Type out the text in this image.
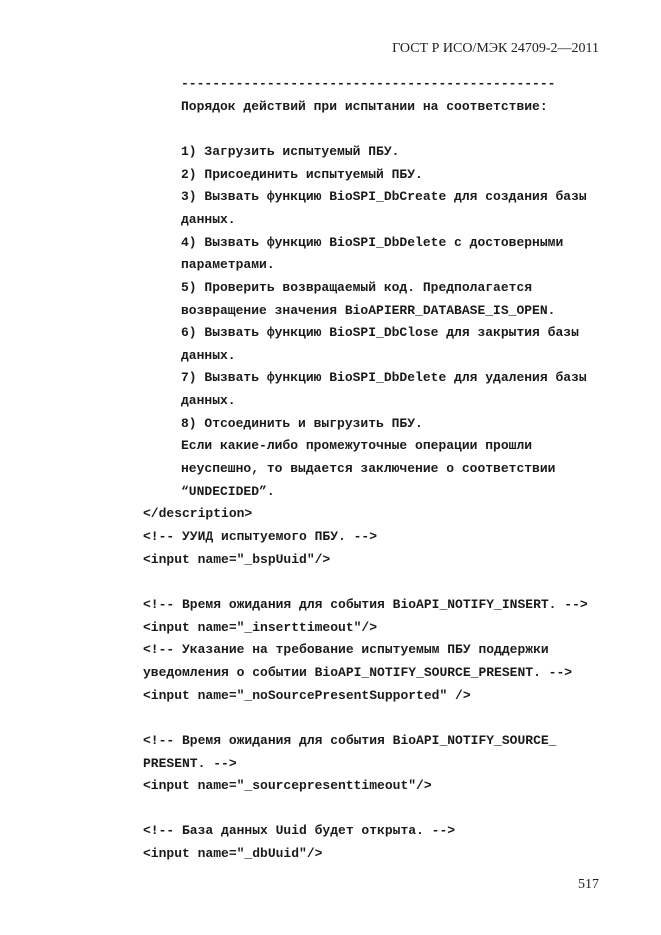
ГОСТ Р ИСО/МЭК 24709-2—2011
------------------------------------------------
Порядок действий при испытании на соответствие:
1) Загрузить испытуемый ПБУ.
2) Присоединить испытуемый ПБУ.
3) Вызвать функцию BioSPI_DbCreate для создания базы
данных.
4) Вызвать функцию BioSPI_DbDelete с достоверными
параметрами.
5) Проверить возвращаемый код. Предполагается
возвращение значения BioAPIERR_DATABASE_IS_OPEN.
6) Вызвать функцию BioSPI_DbClose для закрытия базы
данных.
7) Вызвать функцию BioSPI_DbDelete для удаления базы
данных.
8) Отсоединить и выгрузить ПБУ.
Если какие-либо промежуточные операции прошли
неуспешно, то выдается заключение о соответствии
“UNDECIDED”.
</description>
<!-- УУИД испытуемого ПБУ. -->
<input name="_bspUuid"/>
<!-- Время ожидания для события BioAPI_NOTIFY_INSERT. -->
<input name="_inserttimeout"/>
<!-- Указание на требование испытуемым ПБУ поддержки
уведомления о событии BioAPI_NOTIFY_SOURCE_PRESENT. -->
<input name="_noSourcePresentSupported" />
<!-- Время ожидания для события BioAPI_NOTIFY_SOURCE_
PRESENT. -->
<input name="_sourcepresenttimeout"/>
<!-- База данных Uuid будет открыта. -->
<input name="_dbUuid"/>
517
